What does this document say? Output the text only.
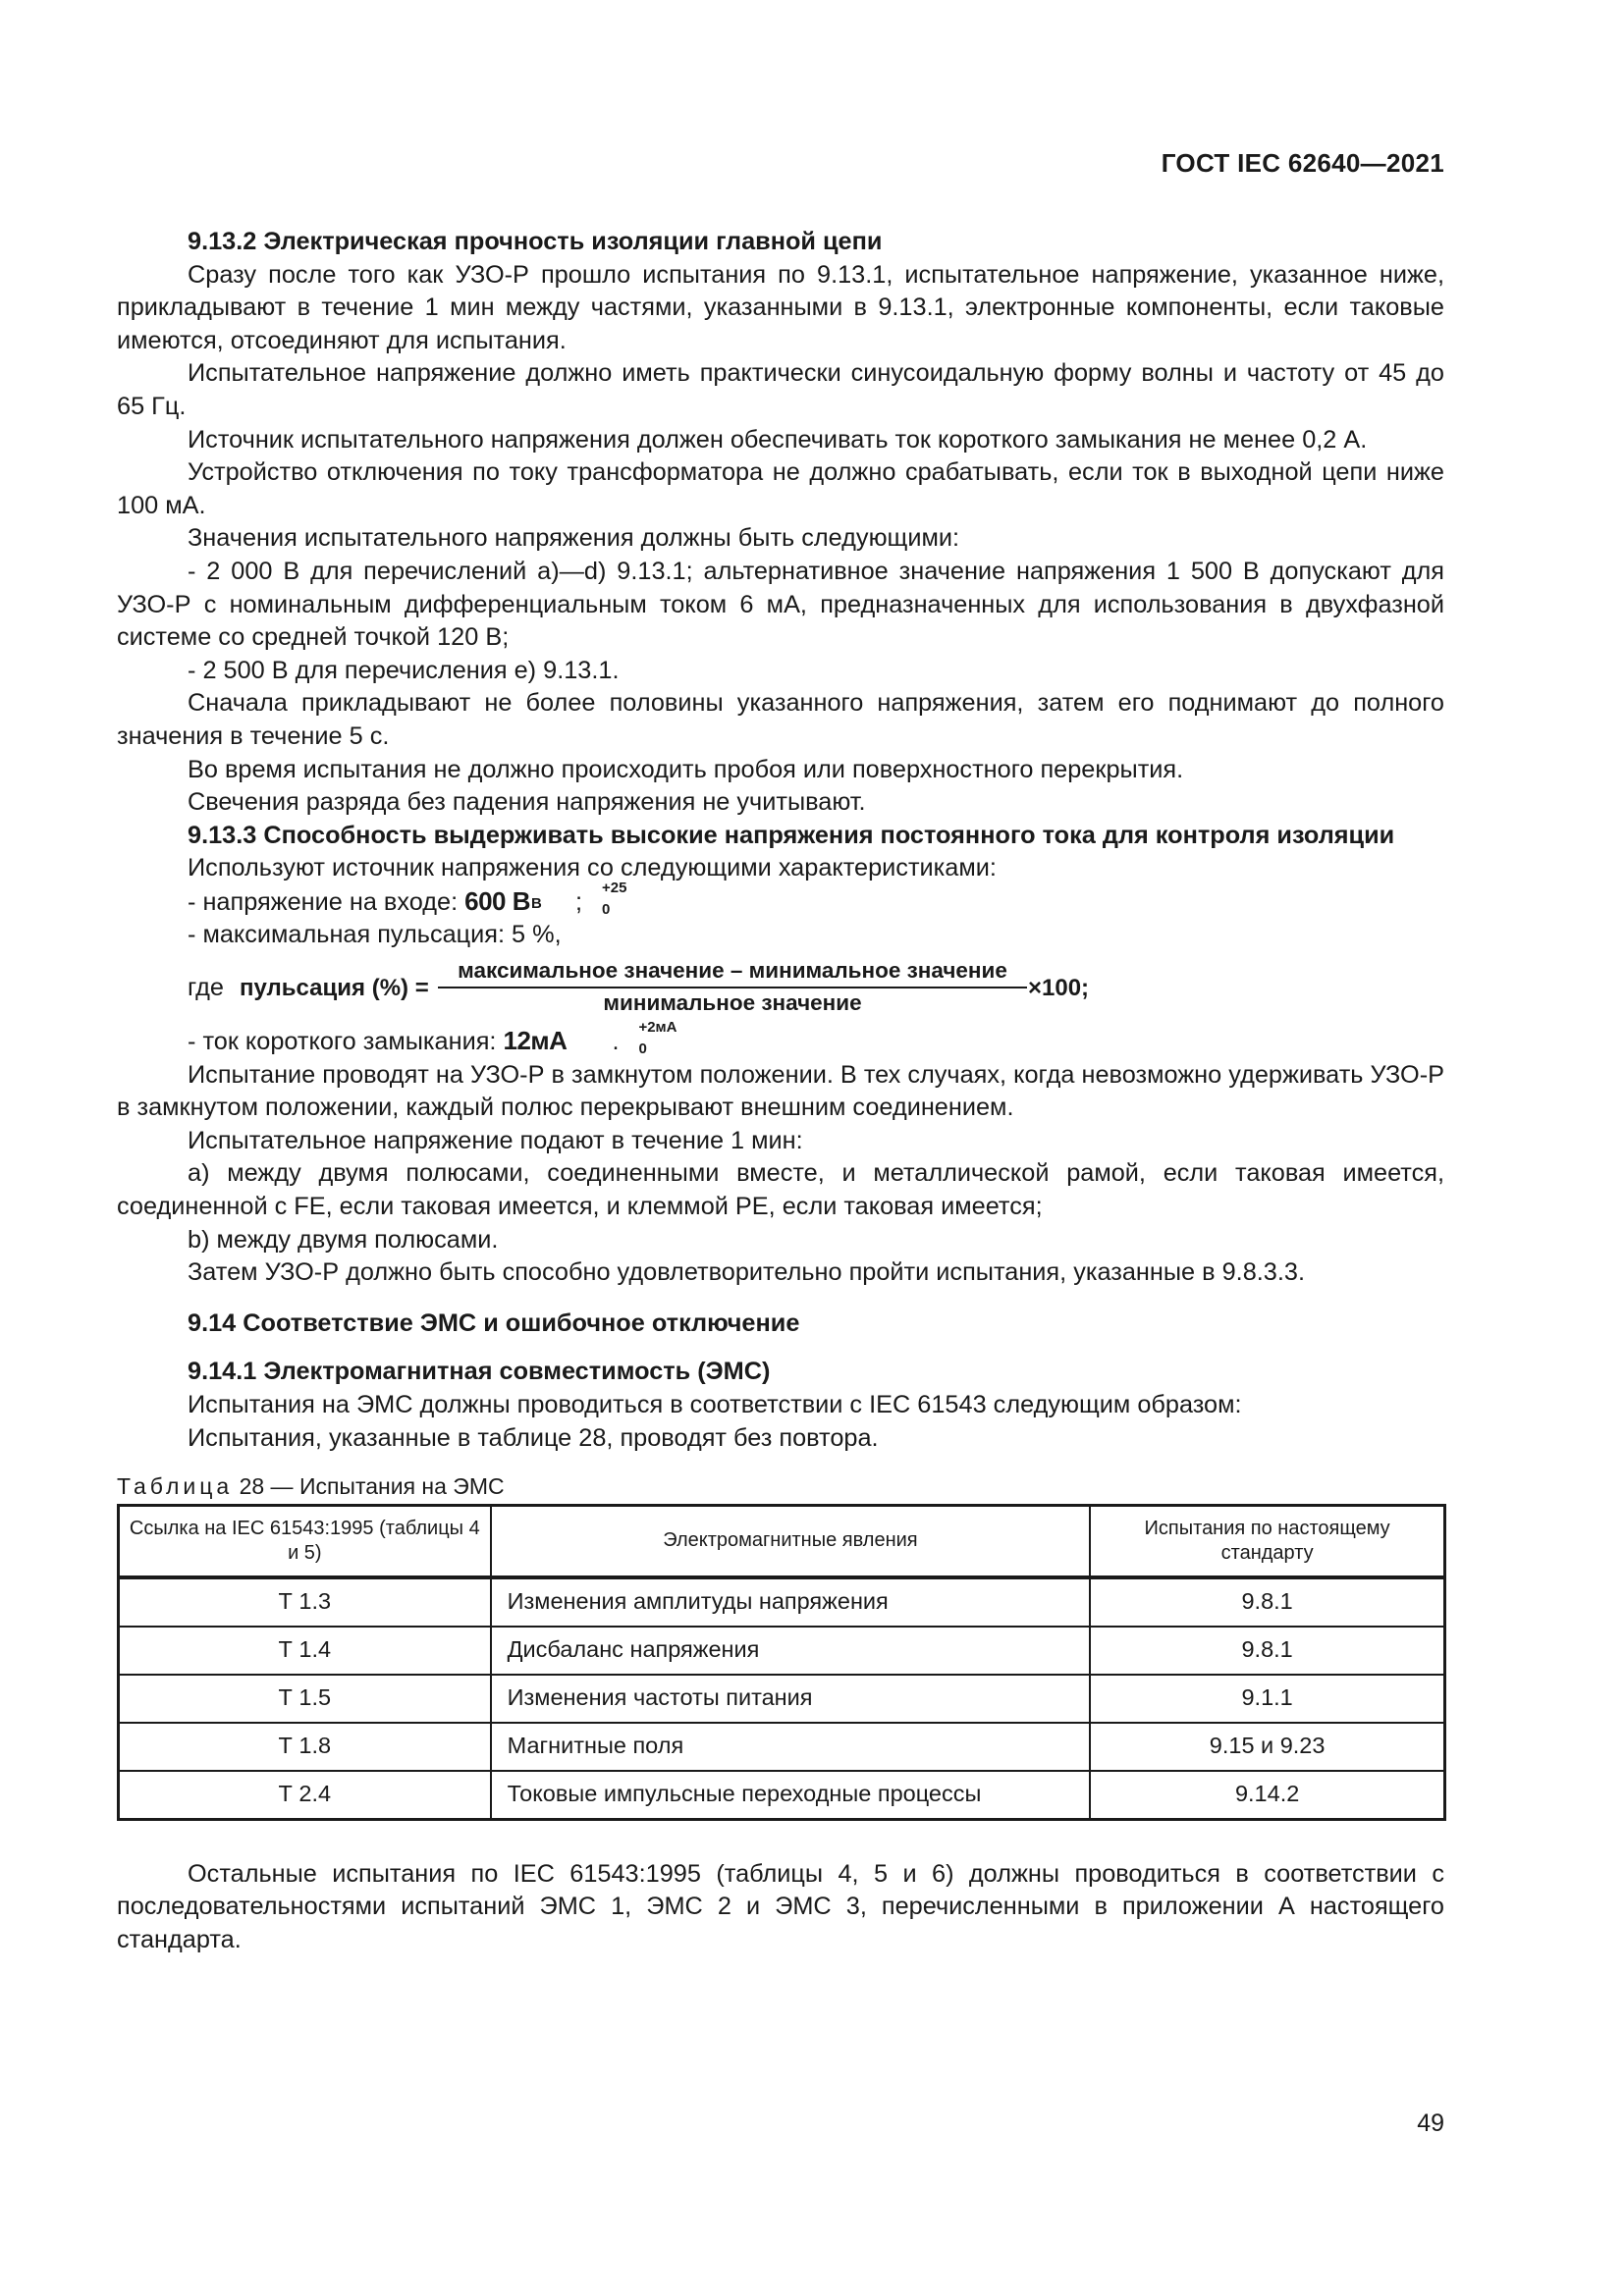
ГОСТ IEC 62640—2021

9.13.2 Электрическая прочность изоляции главной цепи

Сразу после того как УЗО-Р прошло испытания по 9.13.1, испытательное напряжение, указанное ниже, прикладывают в течение 1 мин между частями, указанными в 9.13.1, электронные компоненты, если таковые имеются, отсоединяют для испытания.

Испытательное напряжение должно иметь практически синусоидальную форму волны и частоту от 45 до 65 Гц.

Источник испытательного напряжения должен обеспечивать ток короткого замыкания не менее 0,2 А.

Устройство отключения по току трансформатора не должно срабатывать, если ток в выходной цепи ниже 100 мА.

Значения испытательного напряжения должны быть следующими:

- 2 000 В для перечислений а)—d) 9.13.1; альтернативное значение напряжения 1 500 В допускают для УЗО-Р с номинальным дифференциальным током 6 мА, предназначенных для использования в двухфазной системе со средней точкой 120 В;

- 2 500 В для перечисления е) 9.13.1.

Сначала прикладывают не более половины указанного напряжения, затем его поднимают до полного значения в течение 5 с.

Во время испытания не должно происходить пробоя или поверхностного перекрытия.

Свечения разряда без падения напряжения не учитывают.

9.13.3 Способность выдерживать высокие напряжения постоянного тока для контроля изоляции

Используют источник напряжения со следующими характеристиками:

- напряжение на входе: 600 В	+25 В	0
;

- максимальная пульсация: 5 %,

где пульсация (%) =
максимальное значение – минимальное значение
минимальное значение
×100;

- ток короткого замыкания: 12мА	+2мА
0
.

Испытание проводят на УЗО-Р в замкнутом положении. В тех случаях, когда невозможно удерживать УЗО-Р в замкнутом положении, каждый полюс перекрывают внешним соединением.

Испытательное напряжение подают в течение 1 мин:

а) между двумя полюсами, соединенными вместе, и металлической рамой, если таковая имеется, соединенной с FE, если таковая имеется, и клеммой PE, если таковая имеется;

b) между двумя полюсами.

Затем УЗО-Р должно быть способно удовлетворительно пройти испытания, указанные в 9.8.3.3.

9.14 Соответствие ЭМС и ошибочное отключение

9.14.1 Электромагнитная совместимость (ЭМС)

Испытания на ЭМС должны проводиться в соответствии с IEC 61543 следующим образом:

Испытания, указанные в таблице 28, проводят без повтора.

Таблица 28 — Испытания на ЭМС

Ссылка на IEC 61543:1995 (таблицы 4 и 5)	Электромагнитные явления	Испытания по настоящему стандарту
Т 1.3	Изменения амплитуды напряжения	9.8.1
Т 1.4	Дисбаланс напряжения	9.8.1
Т 1.5	Изменения частоты питания	9.1.1
Т 1.8	Магнитные поля	9.15 и 9.23
Т 2.4	Токовые импульсные переходные процессы	9.14.2

Остальные испытания по IEC 61543:1995 (таблицы 4, 5 и 6) должны проводиться в соответствии с последовательностями испытаний ЭМС 1, ЭМС 2 и ЭМС 3, перечисленными в приложении А настоящего стандарта.

49
